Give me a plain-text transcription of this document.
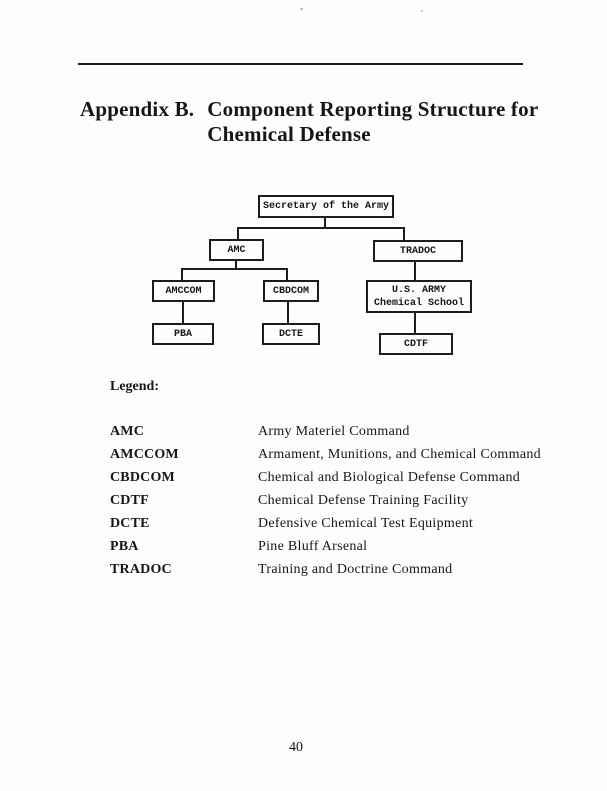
Appendix B. Component Reporting Structure for
Chemical Defense
Secretary of the Army
AMC	TRADOC
AMCCOM	CBDCOM	U.S. ARMY
Chemical School
PBA	DCTE
CDTF
Legend:
AMC	Army Materiel Command
AMCCOM	Armament, Munitions, and Chemical Command
CBDCOM	Chemical and Biological Defense Command
CDTF	Chemical Defense Training Facility
DCTE	Defensive Chemical Test Equipment
PBA	Pine Bluff Arsenal
TRADOC	Training and Doctrine Command
40
